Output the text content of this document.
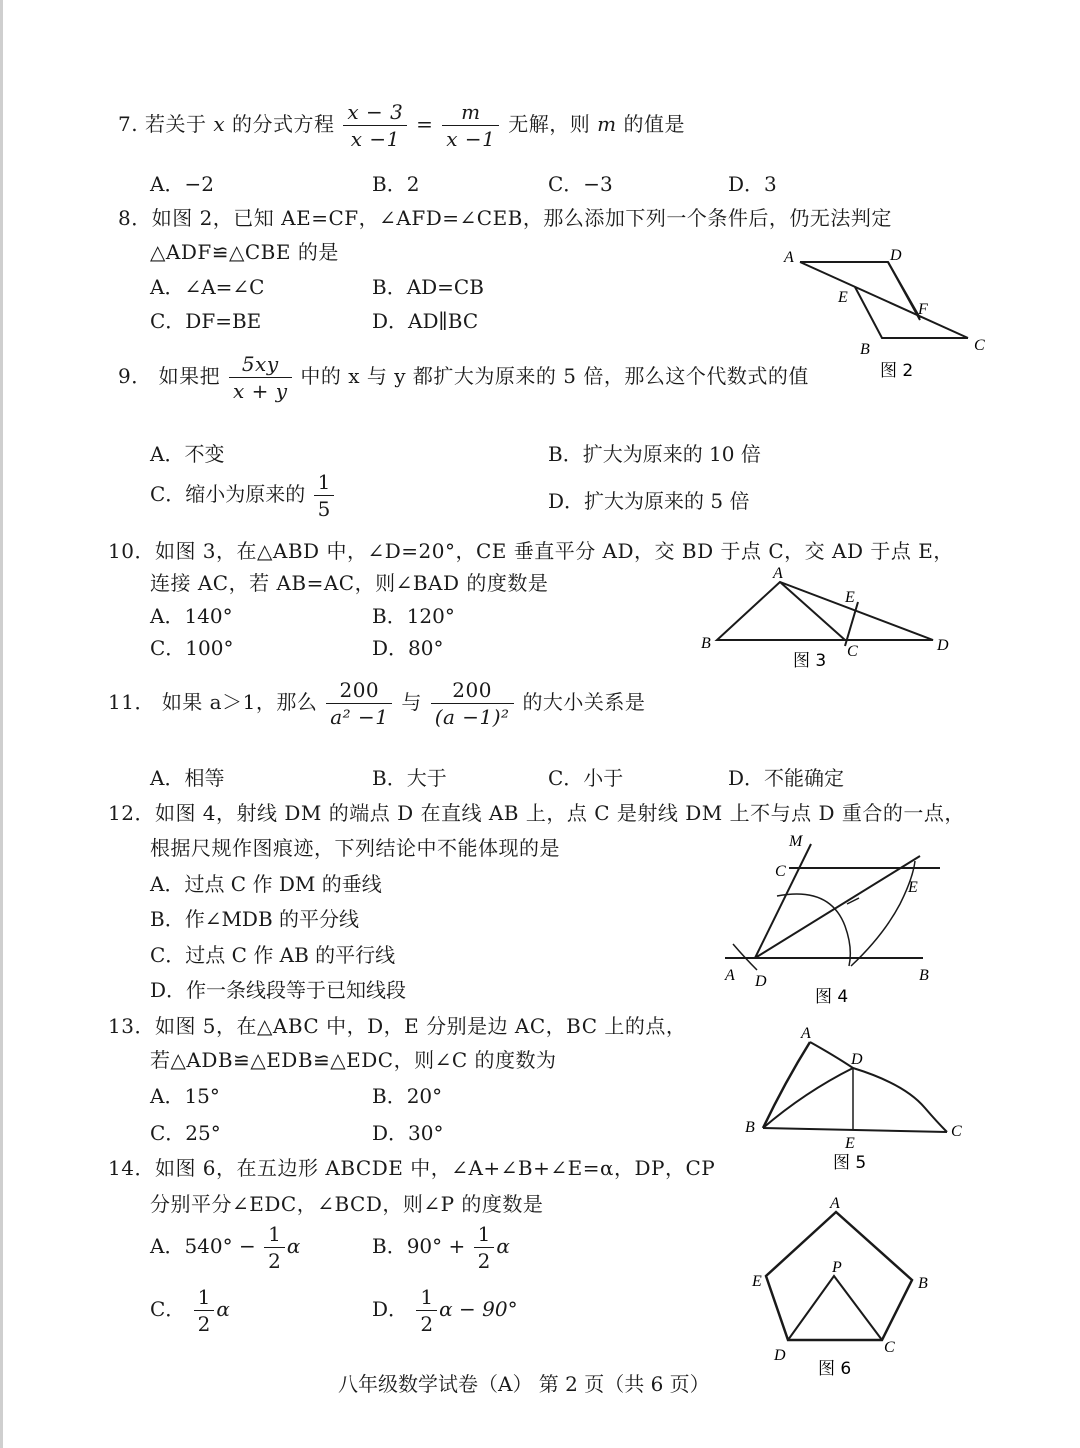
7. 若关于 x 的分式方程 $\frac{x - 3}{x -1} = \frac{m}{x -1}$ 无解，则 m 的值是
A．−2	B．2	C．−3	D．3
8．如图 2，已知 AE=CF，∠AFD=∠CEB，那么添加下列一个条件后，仍无法判定
△ADF≌△CBE 的是
A．∠A=∠C	B．AD=CB
C．DF=BE	D．AD∥BC
A	D
E
F
B	C
图 2
9． 如果把 $\frac{5xy}{x + y}$ 中的 x 与 y 都扩大为原来的 5 倍，那么这个代数式的值
A．不变	B．扩大为原来的 10 倍
C．缩小为原来的 $\frac{1}{5}$	D．扩大为原来的 5 倍
10．如图 3，在△ABD 中，∠D=20°，CE 垂直平分 AD，交 BD 于点 C，交 AD 于点 E，
连接 AC，若 AB=AC，则∠BAD 的度数是
A．140°	B．120°
C．100°	D．80°
A
E
B	C	D
图 3
11． 如果 a＞1，那么 $\frac{200}{\text{a² −1}}$ 与 $\frac{200}{\text{(a −1)²}}$ 的大小关系是
A．相等	B．大于	C．小于	D．不能确定
12．如图 4，射线 DM 的端点 D 在直线 AB 上，点 C 是射线 DM 上不与点 D 重合的一点，
根据尺规作图痕迹，下列结论中不能体现的是
A．过点 C 作 DM 的垂线
B．作∠MDB 的平分线
C．过点 C 作 AB 的平行线
D．作一条线段等于已知线段
M
C
E
A D	B
图 4
13．如图 5，在△ABC 中，D，E 分别是边 AC，BC 上的点，
若△ADB≌△EDB≌△EDC，则∠C 的度数为
A．15°	B．20°
C．25°	D．30°
A
D
B
E
C
图 5
14．如图 6，在五边形 ABCDE 中，∠A+∠B+∠E=α，DP，CP
分别平分∠EDC，∠BCD，则∠P 的度数是
A．$540^\circ - \frac{1}{2}$ α	B．$90^\circ + \frac{1}{2}$ α
C． $\frac{1}{2}$ α	D． $\frac{1}{2}$ α − 90°
A
P
E	B
D	C
图 6
八年级数学试卷（A） 第 2 页（共 6 页）
